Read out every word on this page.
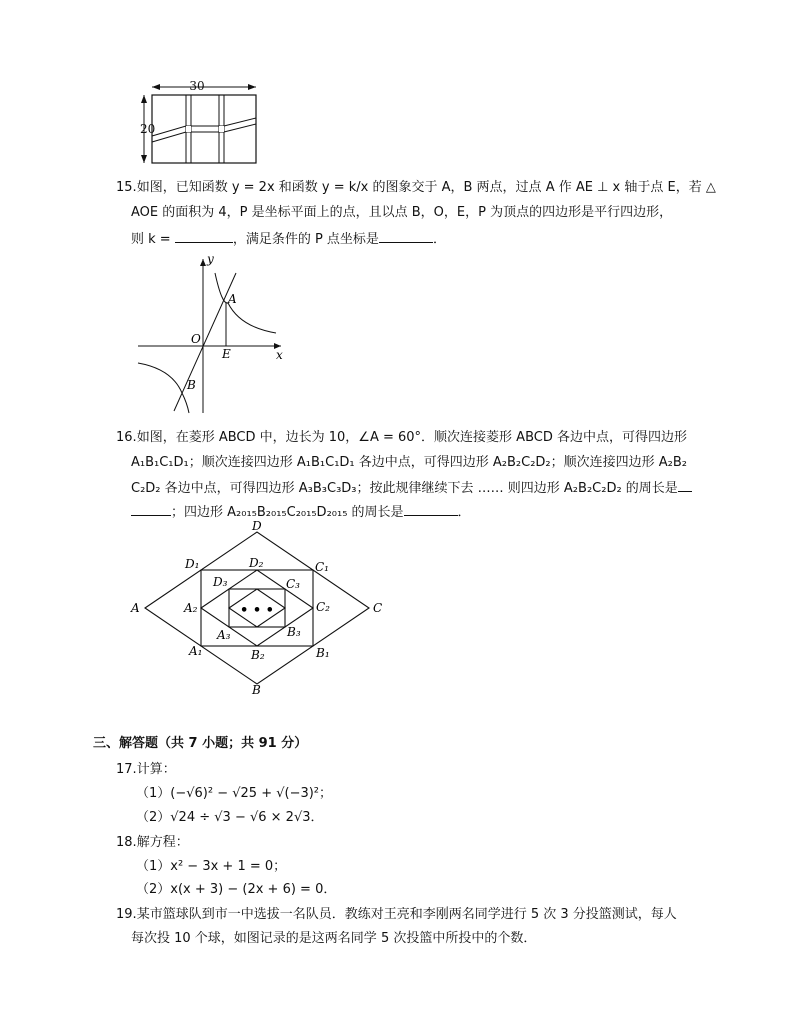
30
20
15.如图，已知函数 y = 2x 和函数 y = k/x 的图象交于 A，B 两点，过点 A 作 AE ⊥ x 轴于点 E，若 △
AOE 的面积为 4，P 是坐标平面上的点，且以点 B，O，E，P 为顶点的四边形是平行四边形，
则 k =	，满足条件的 P 点坐标是	．
y
x
O
A
E
B
16.如图，在菱形 ABCD 中，边长为 10，∠A = 60°．顺次连接菱形 ABCD 各边中点，可得四边形
A₁B₁C₁D₁；顺次连接四边形 A₁B₁C₁D₁ 各边中点，可得四边形 A₂B₂C₂D₂；顺次连接四边形 A₂B₂
C₂D₂ 各边中点，可得四边形 A₃B₃C₃D₃；按此规律继续下去 …… 则四边形 A₂B₂C₂D₂ 的周长是
；四边形 A₂₀₁₅B₂₀₁₅C₂₀₁₅D₂₀₁₅ 的周长是	．
• • •
D
A	C
B
D₁	C₁
A₁	B₁
D₂
C₂
A₂
B₂
D₃	C₃
A₃	B₃
三、解答题（共 7 小题；共 91 分）
17.计算：
（1）(−√6)² − √25 + √(−3)²；
（2）√24 ÷ √3 − √6 × 2√3．
18.解方程：
（1）x² − 3x + 1 = 0；
（2）x(x + 3) − (2x + 6) = 0．
19.某市篮球队到市一中选拔一名队员．教练对王亮和李刚两名同学进行 5 次 3 分投篮测试，每人
每次投 10 个球，如图记录的是这两名同学 5 次投篮中所投中的个数．
